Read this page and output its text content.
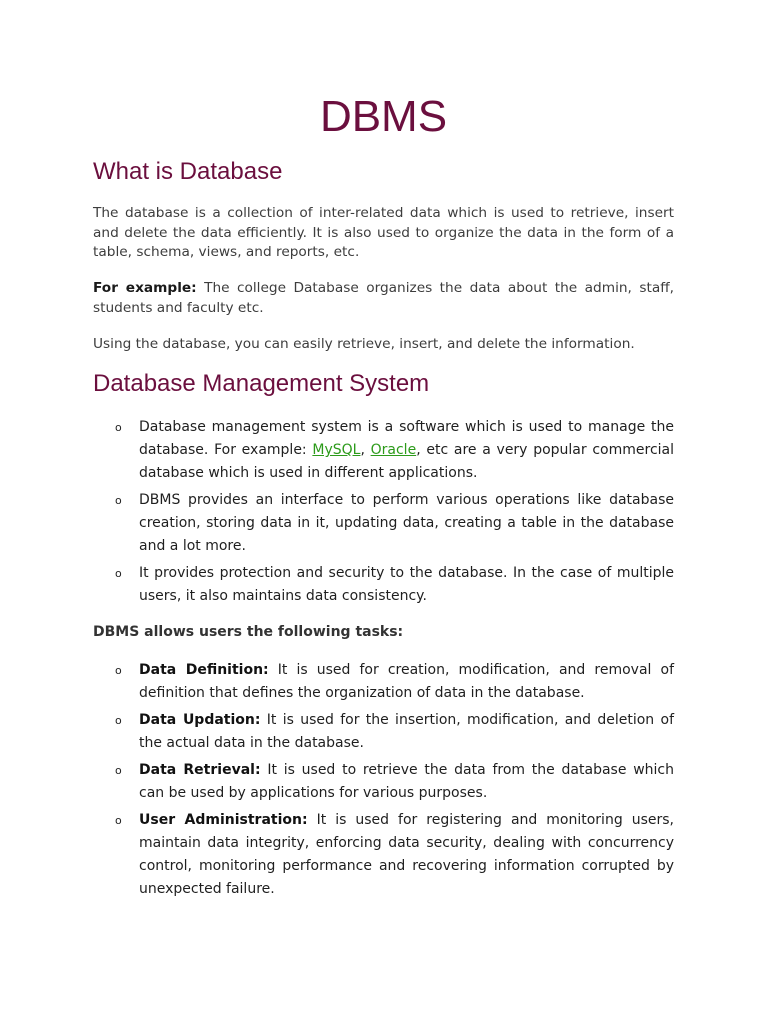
DBMS
What is Database

The database is a collection of inter-related data which is used to retrieve, insert and delete the data efficiently. It is also used to organize the data in the form of a table, schema, views, and reports, etc.

For example: The college Database organizes the data about the admin, staff, students and faculty etc.

Using the database, you can easily retrieve, insert, and delete the information.

Database Management System
o Database management system is a software which is used to manage the database. For example: MySQL, Oracle, etc are a very popular commercial database which is used in different applications.
o DBMS provides an interface to perform various operations like database creation, storing data in it, updating data, creating a table in the database and a lot more.
o It provides protection and security to the database. In the case of multiple users, it also maintains data consistency.

DBMS allows users the following tasks:

o Data Definition: It is used for creation, modification, and removal of definition that defines the organization of data in the database.
o Data Updation: It is used for the insertion, modification, and deletion of the actual data in the database.
o Data Retrieval: It is used to retrieve the data from the database which can be used by applications for various purposes.
o User Administration: It is used for registering and monitoring users, maintain data integrity, enforcing data security, dealing with concurrency control, monitoring performance and recovering information corrupted by unexpected failure.
